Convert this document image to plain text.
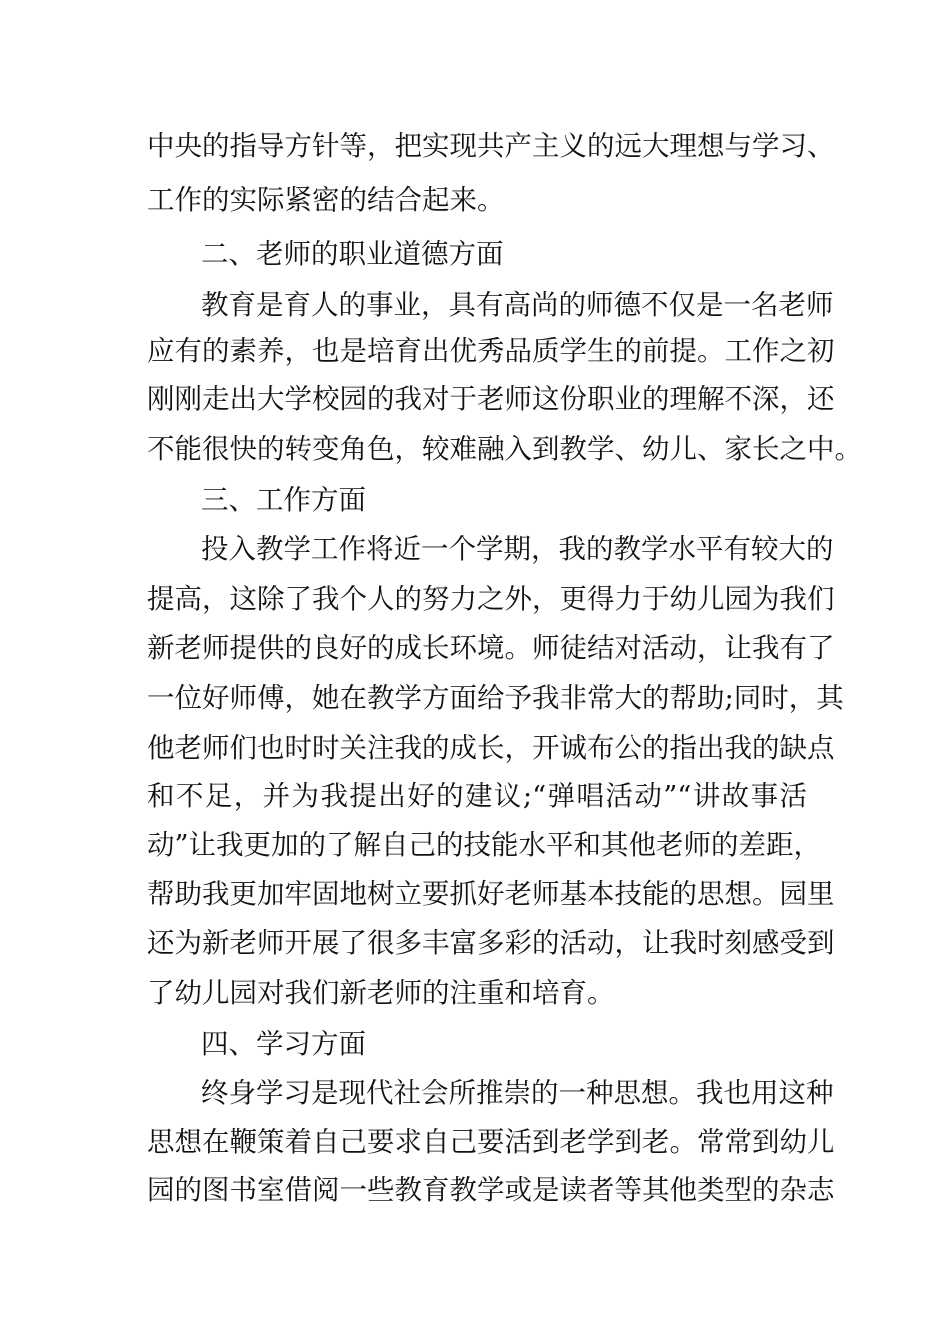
中央的指导方针等，把实现共产主义的远大理想与学习、
工作的实际紧密的结合起来。
二、老师的职业道德方面
教育是育人的事业，具有高尚的师德不仅是一名老师
应有的素养，也是培育出优秀品质学生的前提。工作之初
刚刚走出大学校园的我对于老师这份职业的理解不深，还
不能很快的转变角色，较难融入到教学、幼儿、家长之中。
三、工作方面
投入教学工作将近一个学期，我的教学水平有较大的
提高，这除了我个人的努力之外，更得力于幼儿园为我们
新老师提供的良好的成长环境。师徒结对活动，让我有了
一位好师傅，她在教学方面给予我非常大的帮助;同时，其
他老师们也时时关注我的成长，开诚布公的指出我的缺点
和不足，并为我提出好的建议;“弹唱活动”“讲故事活
动”让我更加的了解自己的技能水平和其他老师的差距，
帮助我更加牢固地树立要抓好老师基本技能的思想。园里
还为新老师开展了很多丰富多彩的活动，让我时刻感受到
了幼儿园对我们新老师的注重和培育。
四、学习方面
终身学习是现代社会所推崇的一种思想。我也用这种
思想在鞭策着自己要求自己要活到老学到老。常常到幼儿
园的图书室借阅一些教育教学或是读者等其他类型的杂志
